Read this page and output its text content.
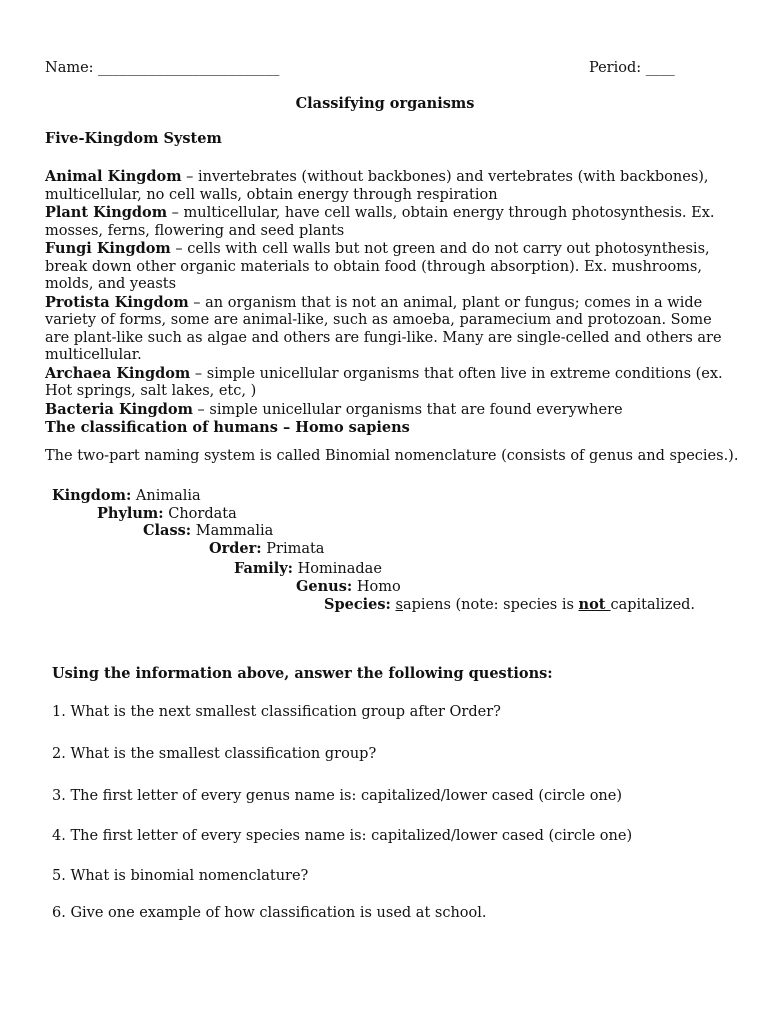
Name: _________________________	Period: ____
Classifying organisms
Five-Kingdom System

Animal Kingdom – invertebrates (without backbones) and vertebrates (with backbones), multicellular, no cell walls, obtain energy through respiration

Plant Kingdom – multicellular, have cell walls, obtain energy through photosynthesis. Ex. mosses, ferns, flowering and seed plants

Fungi Kingdom – cells with cell walls but not green and do not carry out photosynthesis, break down other organic materials to obtain food (through absorption). Ex. mushrooms, molds, and yeasts

Protista Kingdom – an organism that is not an animal, plant or fungus; comes in a wide variety of forms, some are animal-like, such as amoeba, paramecium and protozoan. Some are plant-like such as algae and others are fungi-like. Many are single-celled and others are multicellular.

Archaea Kingdom – simple unicellular organisms that often live in extreme conditions (ex. Hot springs, salt lakes, etc, )

Bacteria Kingdom – simple unicellular organisms that are found everywhere

The classification of humans – Homo sapiens
The two-part naming system is called Binomial nomenclature (consists of genus and species.).
Kingdom: Animalia
Phylum: Chordata
Class: Mammalia
Order: Primata
Family: Hominadae
Genus: Homo
Species: sapiens (note: species is not capitalized.
Using the information above, answer the following questions:
1. What is the next smallest classification group after Order?
2. What is the smallest classification group?
3. The first letter of every genus name is: capitalized/lower cased (circle one)
4. The first letter of every species name is: capitalized/lower cased (circle one)
5. What is binomial nomenclature?
6. Give one example of how classification is used at school.
